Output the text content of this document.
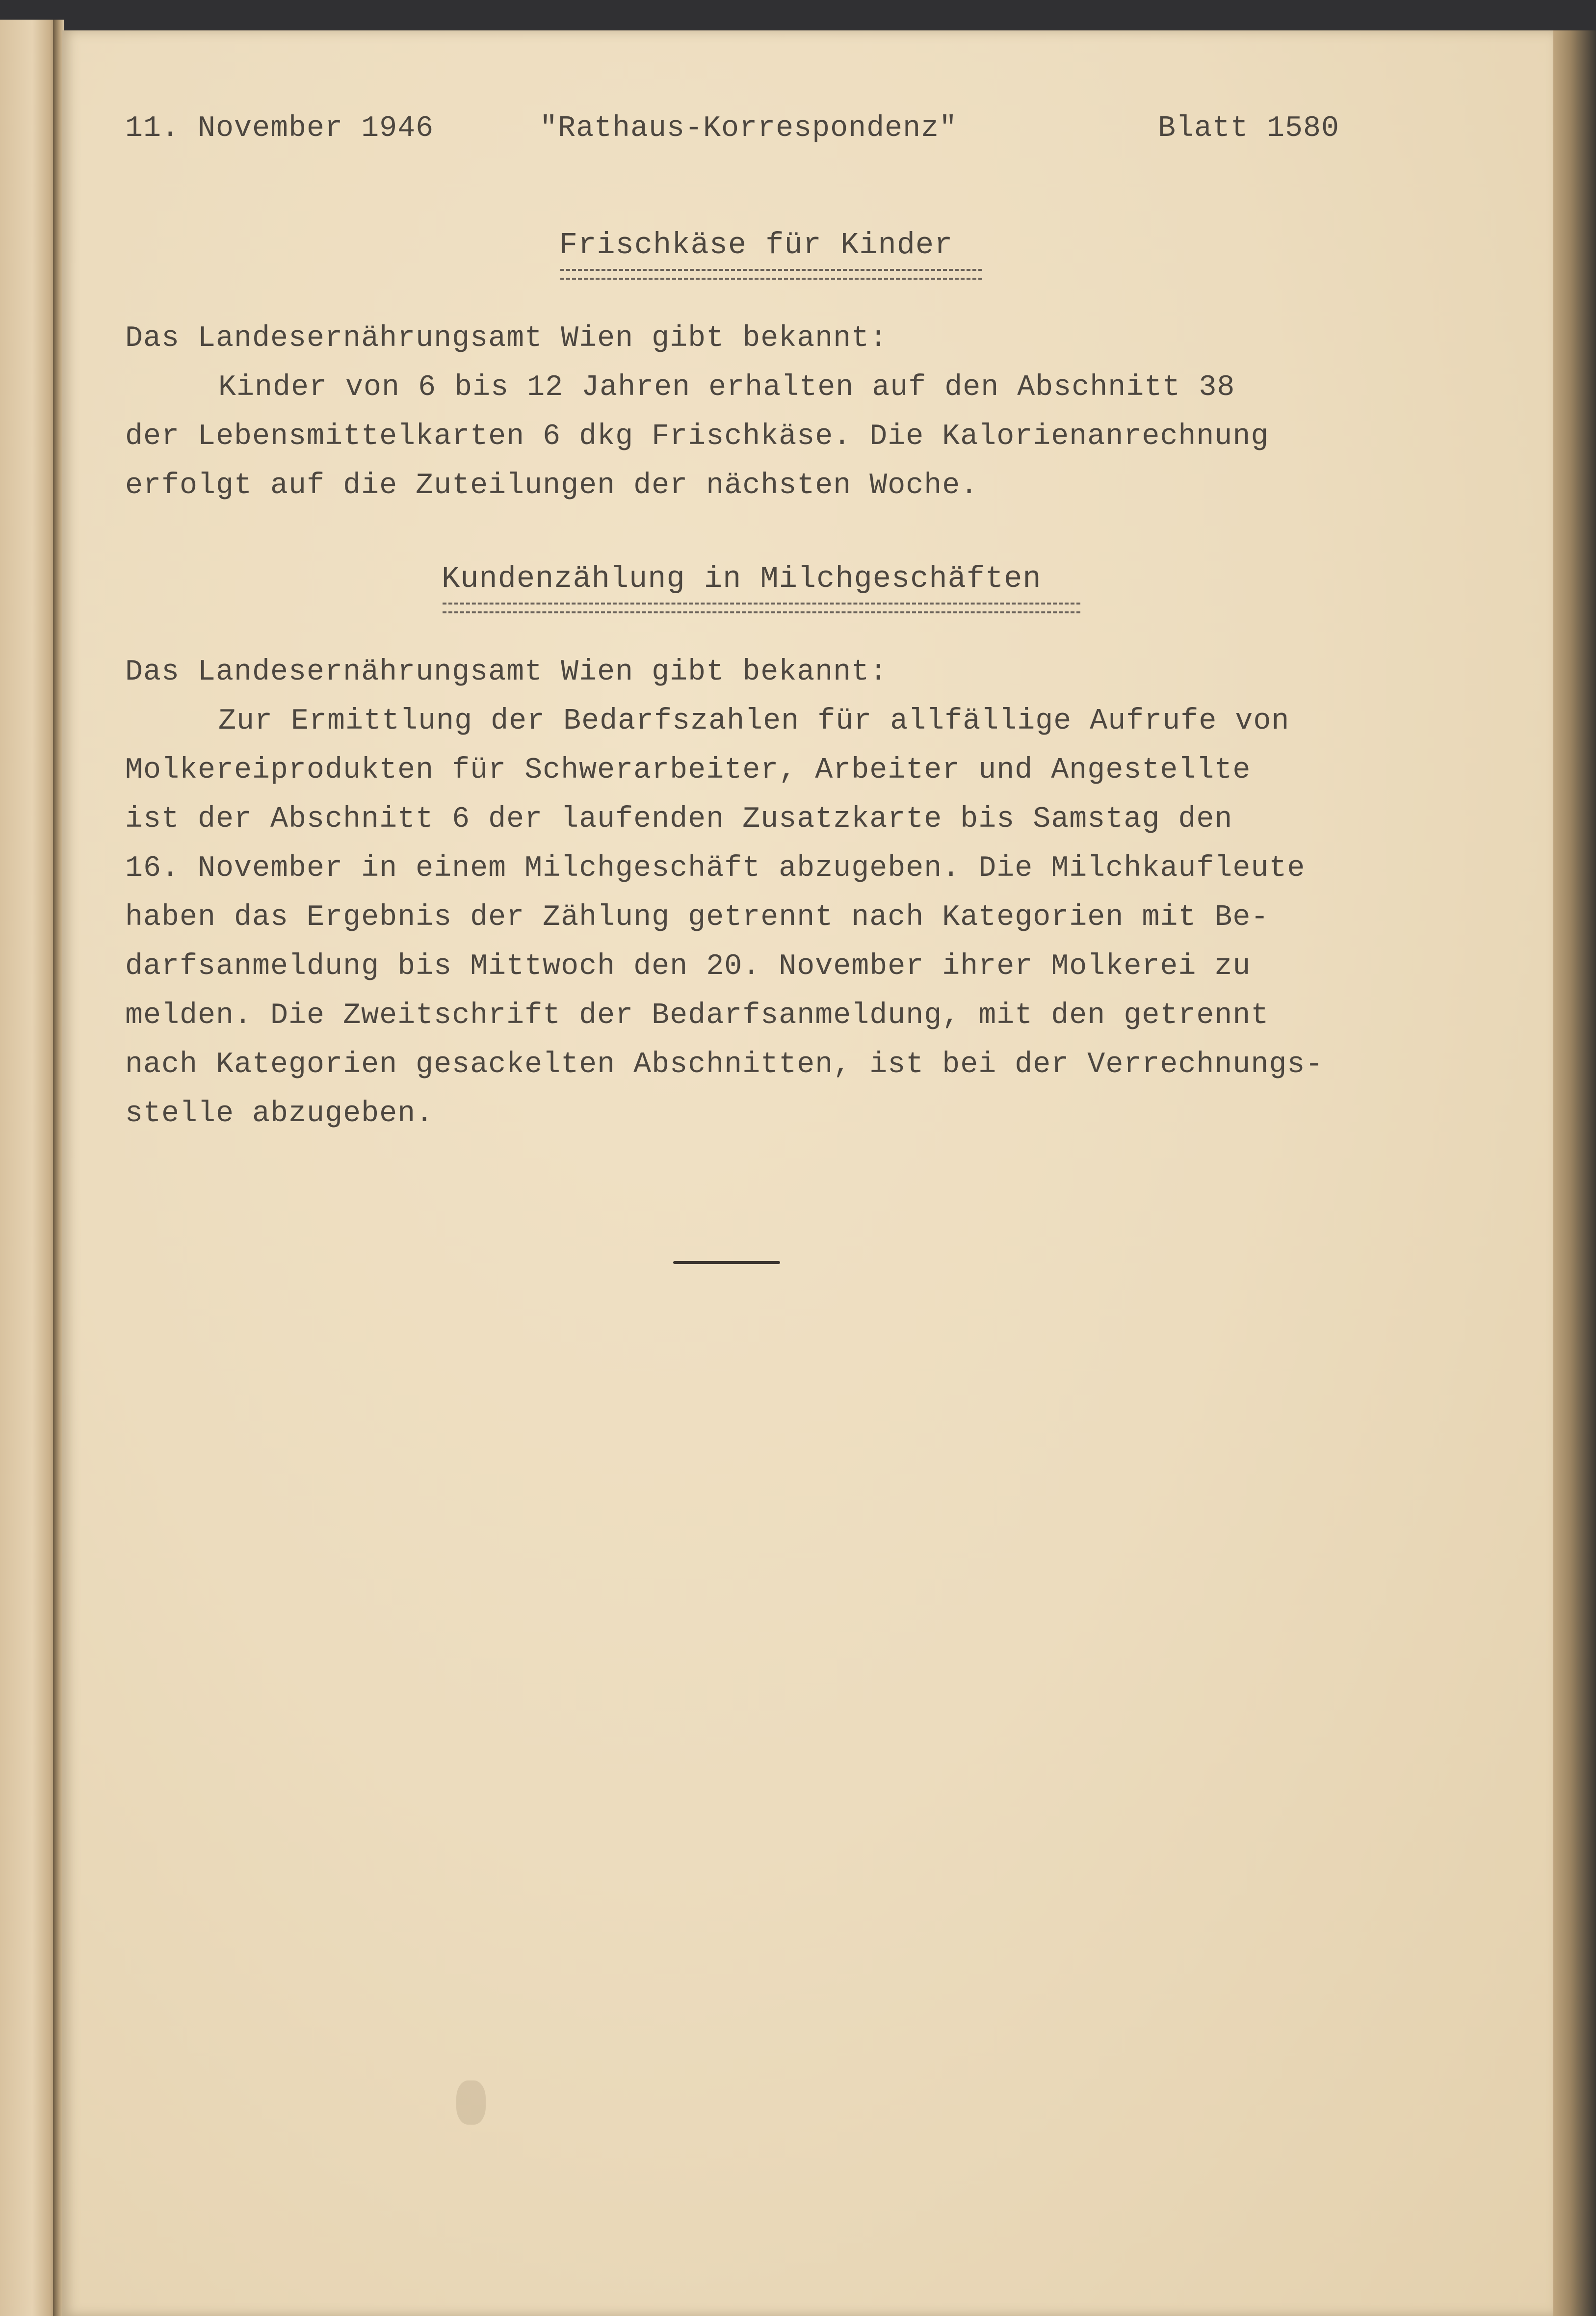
11. November 1946	"Rathaus-Korrespondenz"	Blatt 1580
Frischkäse für Kinder
Das Landesernährungsamt Wien gibt bekannt:
Kinder von 6 bis 12 Jahren erhalten auf den Abschnitt 38
der Lebensmittelkarten 6 dkg Frischkäse. Die Kalorienanrechnung
erfolgt auf die Zuteilungen der nächsten Woche.
Kundenzählung in Milchgeschäften
Das Landesernährungsamt Wien gibt bekannt:
Zur Ermittlung der Bedarfszahlen für allfällige Aufrufe von
Molkereiprodukten für Schwerarbeiter, Arbeiter und Angestellte
ist der Abschnitt 6 der laufenden Zusatzkarte bis Samstag den
16. November in einem Milchgeschäft abzugeben. Die Milchkaufleute
haben das Ergebnis der Zählung getrennt nach Kategorien mit Be-
darfsanmeldung bis Mittwoch den 20. November ihrer Molkerei zu
melden. Die Zweitschrift der Bedarfsanmeldung, mit den getrennt
nach Kategorien gesackelten Abschnitten, ist bei der Verrechnungs-
stelle abzugeben.
